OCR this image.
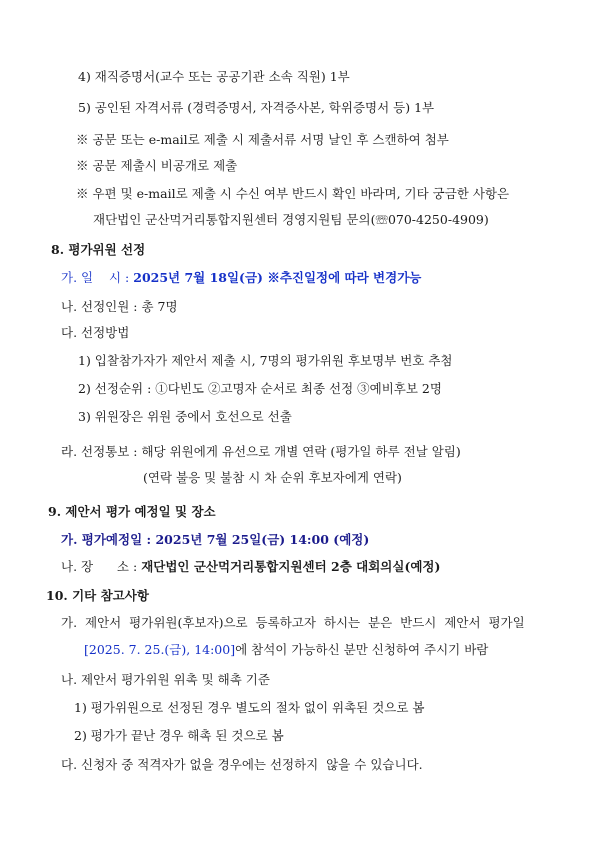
4) 재직증명서(교수 또는 공공기관 소속 직원) 1부
5) 공인된 자격서류 (경력증명서, 자격증사본, 학위증명서 등) 1부
※ 공문 또는 e-mail로 제출 시 제출서류 서명 날인 후 스캔하여 첨부
※ 공문 제출시 비공개로 제출
※ 우편 및 e-mail로 제출 시 수신 여부 반드시 확인 바라며, 기타 궁금한 사항은
재단법인 군산먹거리통합지원센터 경영지원팀 문의(☏070-4250-4909)
8. 평가위원 선정
가. 일    시 : 2025년 7월 18일(금) ※추진일정에 따라 변경가능
나. 선정인원 : 총 7명
다. 선정방법
1) 입찰참가자가 제안서 제출 시, 7명의 평가위원 후보명부 번호 추첨
2) 선정순위 : ①다빈도 ②고명자 순서로 최종 선정 ③예비후보 2명
3) 위원장은 위원 중에서 호선으로 선출
라. 선정통보 : 해당 위원에게 유선으로 개별 연락 (평가일 하루 전날 알림)
(연락 불응 및 불참 시 차 순위 후보자에게 연락)
9. 제안서 평가 예정일 및 장소
가. 평가예정일 : 2025년 7월 25일(금) 14:00 (예정)
나. 장      소 : 재단법인 군산먹거리통합지원센터 2층 대회의실(예정)
10. 기타 참고사항
가.  제안서  평가위원(후보자)으로  등록하고자  하시는  분은  반드시  제안서  평가일
[2025. 7. 25.(금), 14:00]에 참석이 가능하신 분만 신청하여 주시기 바람
나. 제안서 평가위원 위촉 및 해촉 기준
1) 평가위원으로 선정된 경우 별도의 절차 없이 위촉된 것으로 봄
2) 평가가 끝난 경우 해촉 된 것으로 봄
다. 신청자 중 적격자가 없을 경우에는 선정하지  않을 수 있습니다.
